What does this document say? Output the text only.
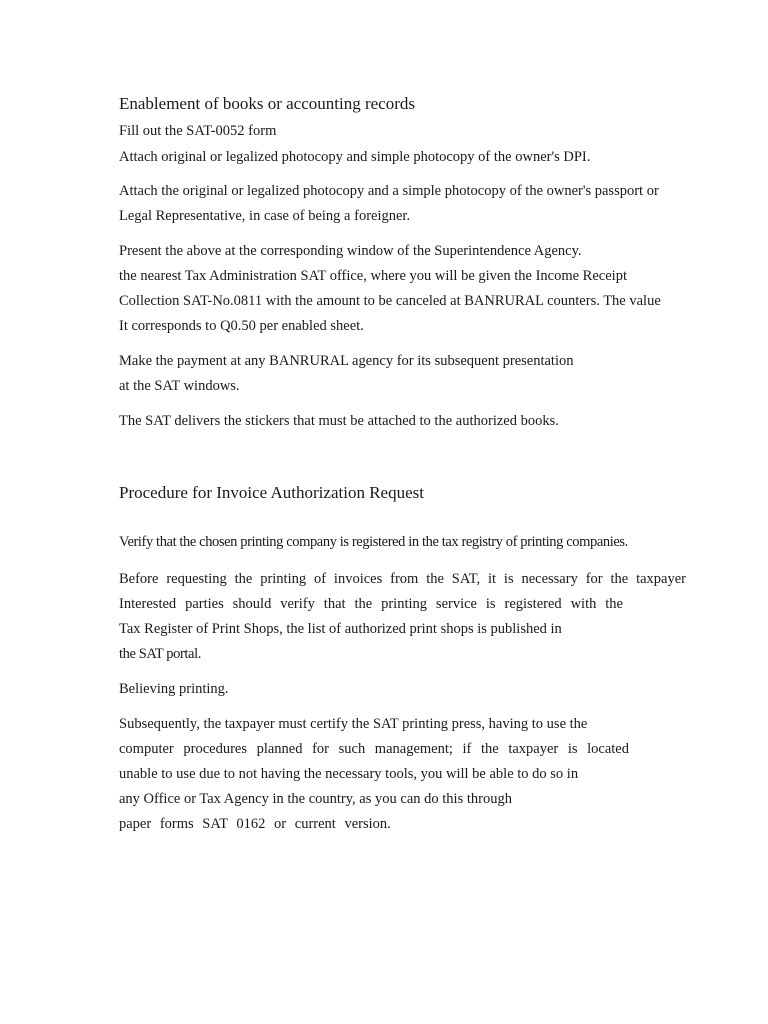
Enablement of books or accounting records
Fill out the SAT-0052 form
Attach original or legalized photocopy and simple photocopy of the owner's DPI.
Attach the original or legalized photocopy and a simple photocopy of the owner's passport or
Legal Representative, in case of being a foreigner.
Present the above at the corresponding window of the Superintendence Agency.
the nearest Tax Administration SAT office, where you will be given the Income Receipt
Collection SAT-No.0811 with the amount to be canceled at BANRURAL counters. The value
It corresponds to Q0.50 per enabled sheet.
Make the payment at any BANRURAL agency for its subsequent presentation
at the SAT windows.
The SAT delivers the stickers that must be attached to the authorized books.
Procedure for Invoice Authorization Request
Verify that the chosen printing company is registered in the tax registry of printing companies.
Before requesting the printing of invoices from the SAT, it is necessary for the taxpayer
Interested parties should verify that the printing service is registered with the
Tax Register of Print Shops, the list of authorized print shops is published in
the SAT portal.
Believing printing.
Subsequently, the taxpayer must certify the SAT printing press, having to use the
computer procedures planned for such management; if the taxpayer is located
unable to use due to not having the necessary tools, you will be able to do so in
any Office or Tax Agency in the country, as you can do this through
paper forms SAT 0162 or current version.
